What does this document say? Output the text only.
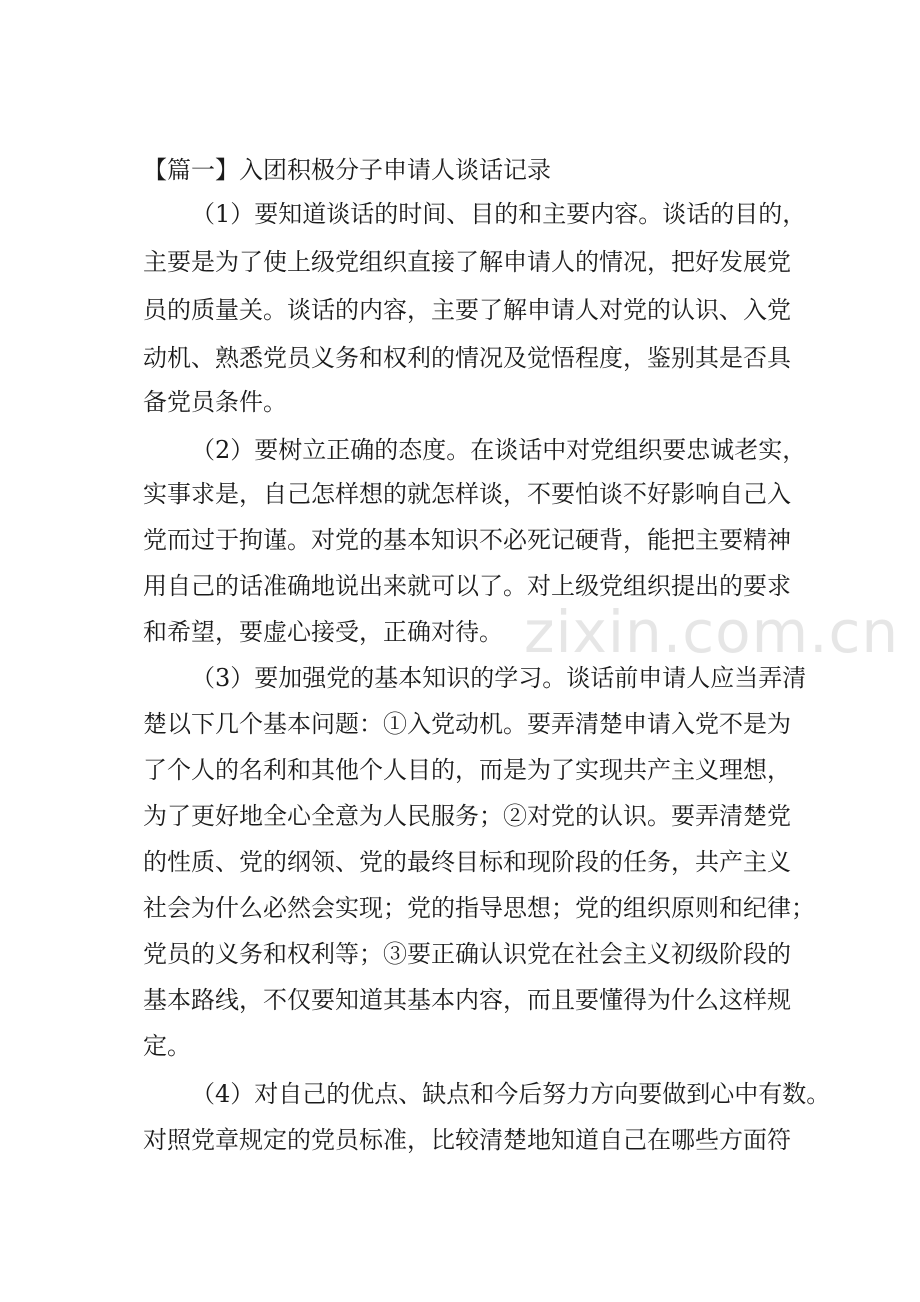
【篇一】入团积极分子申请人谈话记录
（1）要知道谈话的时间、目的和主要内容。谈话的目的，
主要是为了使上级党组织直接了解申请人的情况，把好发展党
员的质量关。谈话的内容，主要了解申请人对党的认识、入党
动机、熟悉党员义务和权利的情况及觉悟程度，鉴别其是否具
备党员条件。
（2）要树立正确的态度。在谈话中对党组织要忠诚老实，
实事求是，自己怎样想的就怎样谈，不要怕谈不好影响自己入
党而过于拘谨。对党的基本知识不必死记硬背，能把主要精神
用自己的话准确地说出来就可以了。对上级党组织提出的要求
和希望，要虚心接受，正确对待。
（3）要加强党的基本知识的学习。谈话前申请人应当弄清
楚以下几个基本问题：①入党动机。要弄清楚申请入党不是为
了个人的名利和其他个人目的，而是为了实现共产主义理想，
为了更好地全心全意为人民服务；②对党的认识。要弄清楚党
的性质、党的纲领、党的最终目标和现阶段的任务，共产主义
社会为什么必然会实现；党的指导思想；党的组织原则和纪律；
党员的义务和权利等；③要正确认识党在社会主义初级阶段的
基本路线，不仅要知道其基本内容，而且要懂得为什么这样规
定。
（4）对自己的优点、缺点和今后努力方向要做到心中有数。
对照党章规定的党员标准，比较清楚地知道自己在哪些方面符
zixin.com.cn
